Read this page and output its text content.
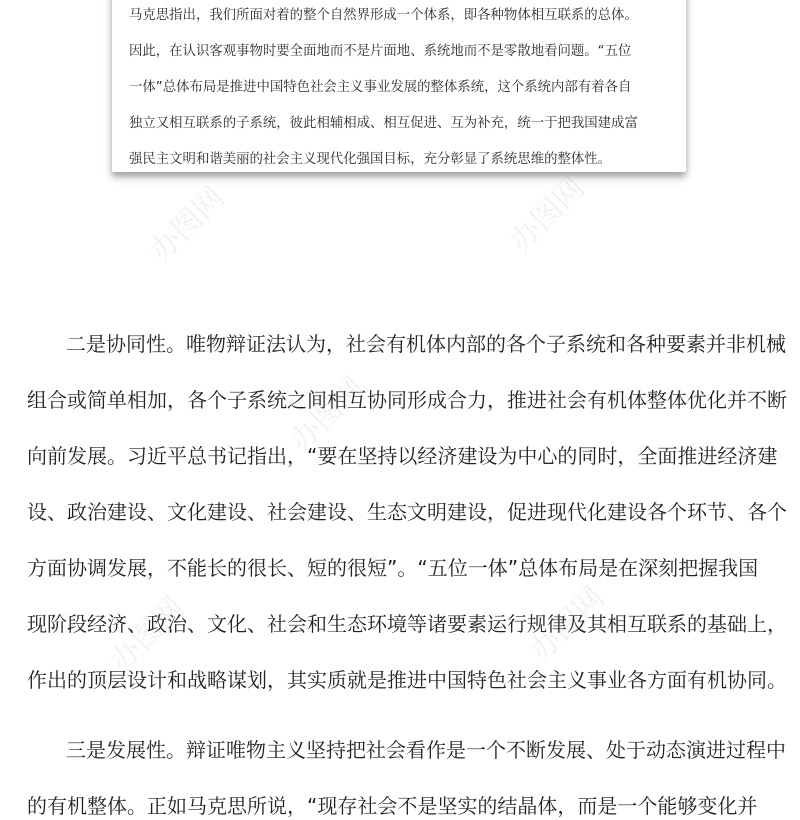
马克思指出，我们所面对着的整个自然界形成一个体系，即各种物体相互联系的总体。
因此，在认识客观事物时要全面地而不是片面地、系统地而不是零散地看问题。“五位
一体”总体布局是推进中国特色社会主义事业发展的整体系统，这个系统内部有着各自
独立又相互联系的子系统，彼此相辅相成、相互促进、互为补充，统一于把我国建成富
强民主文明和谐美丽的社会主义现代化强国目标，充分彰显了系统思维的整体性。
二是协同性。唯物辩证法认为，社会有机体内部的各个子系统和各种要素并非机械
组合或简单相加，各个子系统之间相互协同形成合力，推进社会有机体整体优化并不断
向前发展。习近平总书记指出，“要在坚持以经济建设为中心的同时，全面推进经济建
设、政治建设、文化建设、社会建设、生态文明建设，促进现代化建设各个环节、各个
方面协调发展，不能长的很长、短的很短”。“五位一体”总体布局是在深刻把握我国
现阶段经济、政治、文化、社会和生态环境等诸要素运行规律及其相互联系的基础上，
作出的顶层设计和战略谋划，其实质就是推进中国特色社会主义事业各方面有机协同。
三是发展性。辩证唯物主义坚持把社会看作是一个不断发展、处于动态演进过程中
的有机整体。正如马克思所说，“现存社会不是坚实的结晶体，而是一个能够变化并
办图网	办图网
办图网
办图网	办图网
